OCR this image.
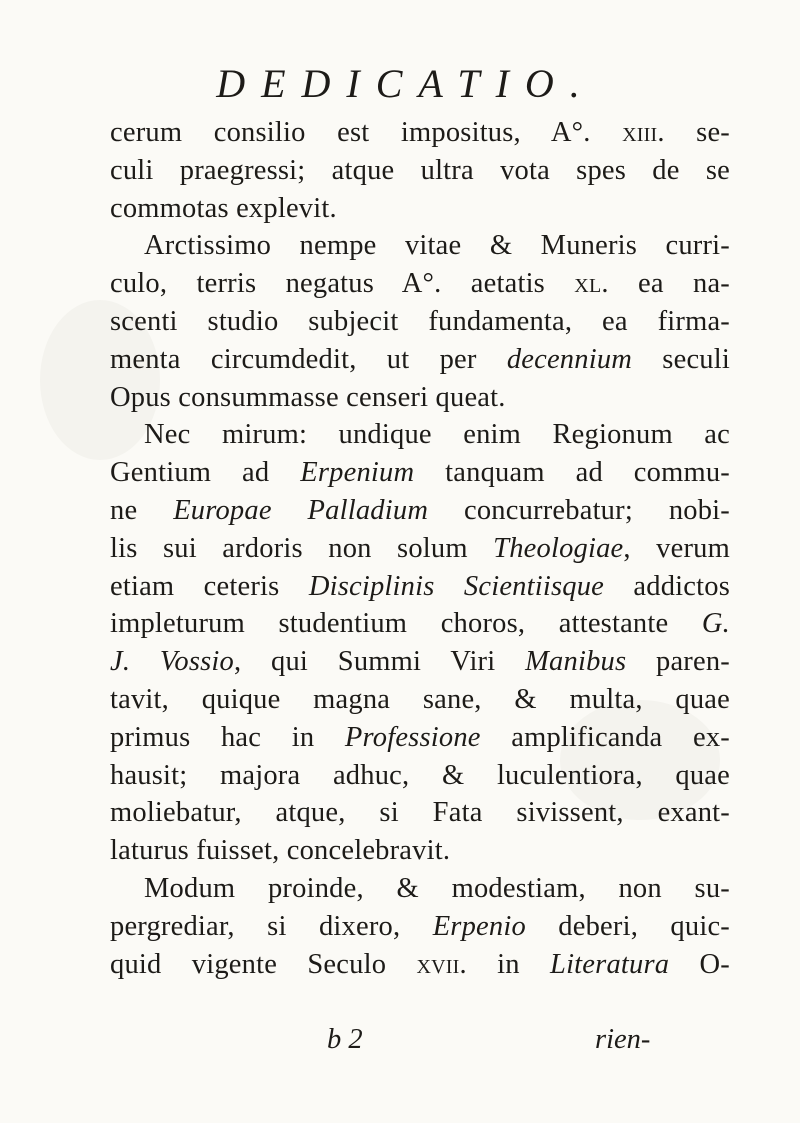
DEDICATIO.
cerum consilio est impositus, A°. xiii. se-
culi praegressi; atque ultra vota spes de se
commotas explevit.
Arctissimo nempe vitae & Muneris curri-
culo, terris negatus A°. aetatis xl. ea na-
scenti studio subjecit fundamenta, ea firma-
menta circumdedit, ut per decennium seculi
Opus consummasse censeri queat.
Nec mirum: undique enim Regionum ac
Gentium ad Erpenium tanquam ad commu-
ne Europae Palladium concurrebatur; nobi-
lis sui ardoris non solum Theologiae, verum
etiam ceteris Disciplinis Scientiisque addictos
impleturum studentium choros, attestante G.
J. Vossio, qui Summi Viri Manibus paren-
tavit, quique magna sane, & multa, quae
primus hac in Professione amplificanda ex-
hausit; majora adhuc, & luculentiora, quae
moliebatur, atque, si Fata sivissent, exant-
laturus fuisset, concelebravit.
Modum proinde, & modestiam, non su-
pergrediar, si dixero, Erpenio deberi, quic-
quid vigente Seculo xvii. in Literatura O-
b 2	rien-
